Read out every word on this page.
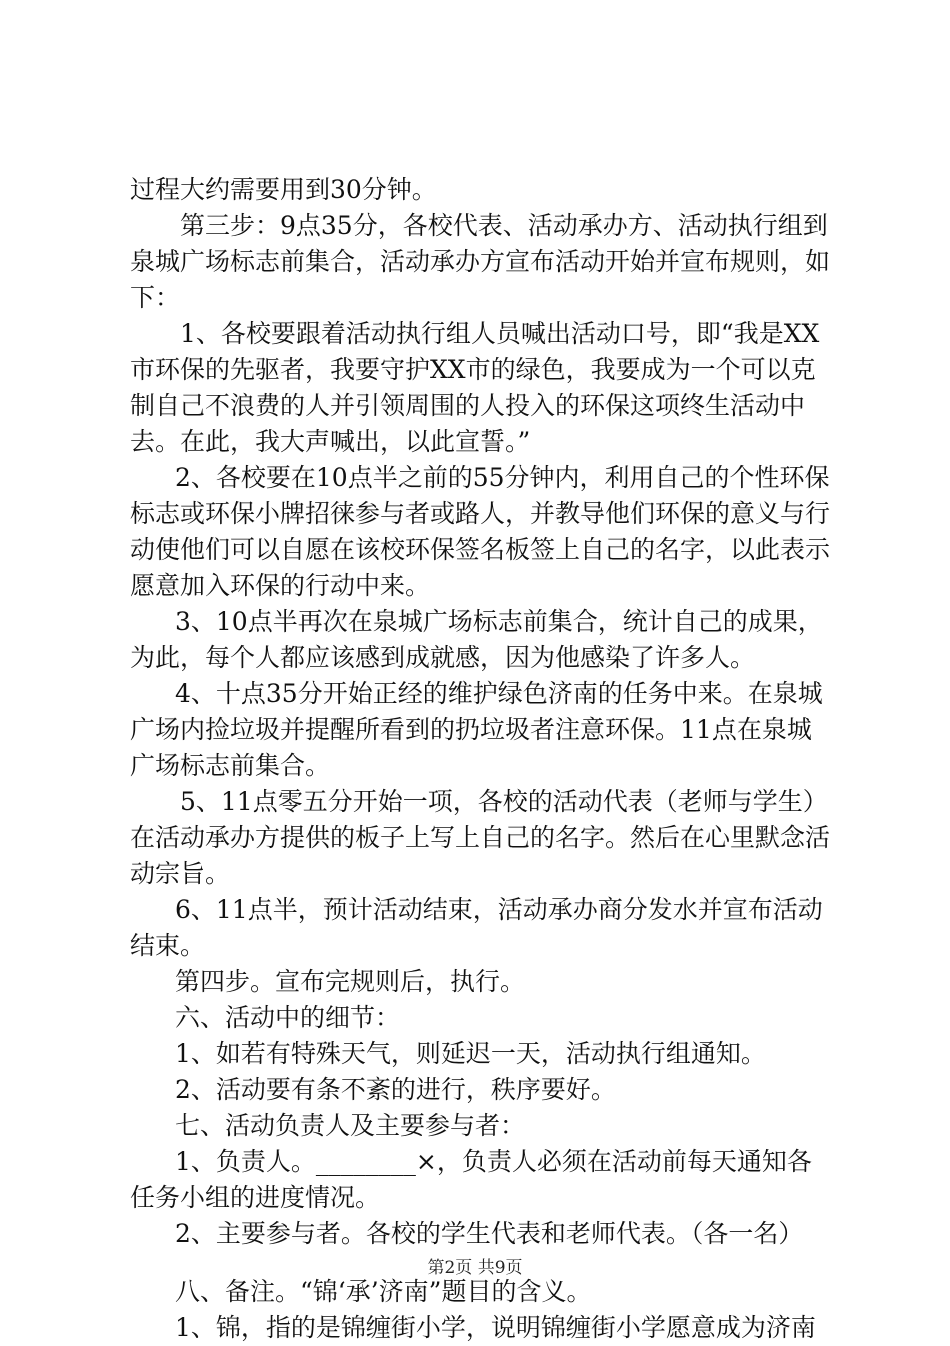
过程大约需要用到30分钟。

第三步：9点35分，各校代表、活动承办方、活动执行组到泉城广场标志前集合，活动承办方宣布活动开始并宣布规则，如下：

1、各校要跟着活动执行组人员喊出活动口号，即“我是XX市环保的先驱者，我要守护XX市的绿色，我要成为一个可以克制自己不浪费的人并引领周围的人投入的环保这项终生活动中去。在此，我大声喊出，以此宣誓。”

2、各校要在10点半之前的55分钟内，利用自己的个性环保标志或环保小牌招徕参与者或路人，并教导他们环保的意义与行动使他们可以自愿在该校环保签名板签上自己的名字，以此表示愿意加入环保的行动中来。

3、10点半再次在泉城广场标志前集合，统计自己的成果，为此，每个人都应该感到成就感，因为他感染了许多人。

4、十点35分开始正经的维护绿色济南的任务中来。在泉城广场内捡垃圾并提醒所看到的扔垃圾者注意环保。11点在泉城广场标志前集合。

5、11点零五分开始一项，各校的活动代表（老师与学生）在活动承办方提供的板子上写上自己的名字。然后在心里默念活动宗旨。

6、11点半，预计活动结束，活动承办商分发水并宣布活动结束。

第四步。宣布完规则后，执行。

六、活动中的细节：

1、如若有特殊天气，则延迟一天，活动执行组通知。

2、活动要有条不紊的进行，秩序要好。

七、活动负责人及主要参与者：

1、负责人。________×，负责人必须在活动前每天通知各任务小组的进度情况。

2、主要参与者。各校的学生代表和老师代表。（各一名）

八、备注。“锦‘承’济南”题目的含义。

1、锦，指的是锦缠街小学，说明锦缠街小学愿意成为济南

第2页 共9页
